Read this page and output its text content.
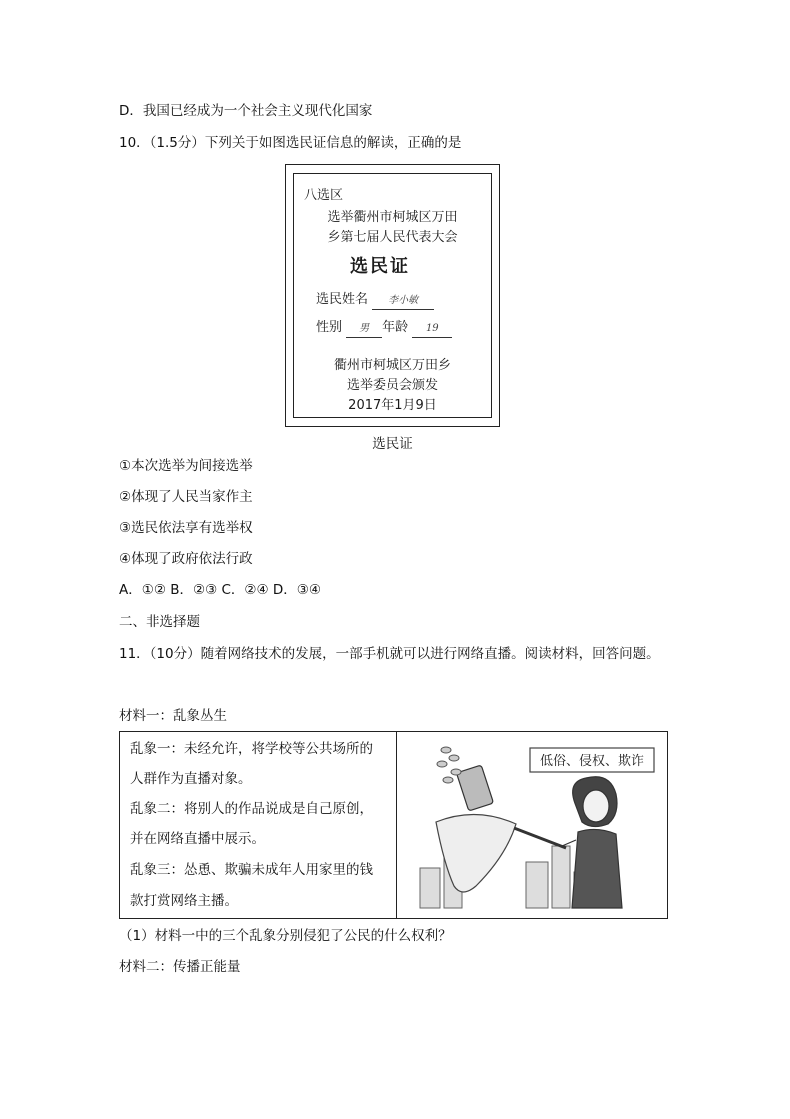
D．我国已经成为一个社会主义现代化国家
10．（1.5分）下列关于如图选民证信息的解读，正确的是
八选区
选举衢州市柯城区万田
乡第七届人民代表大会
选民证
选民姓名 李小敏
性别 男 年龄 19
衢州市柯城区万田乡
选举委员会颁发
2017年1月9日
选民证
①本次选举为间接选举
②体现了人民当家作主
③选民依法享有选举权
④体现了政府依法行政
A．①② B．②③ C．②④ D．③④
二、非选择题
11．（10分）随着网络技术的发展，一部手机就可以进行网络直播。阅读材料，回答问题。
材料一：乱象丛生
乱象一：未经允许，将学校等公共场所的
人群作为直播对象。
乱象二：将别人的作品说成是自己原创，
并在网络直播中展示。
乱象三：怂恿、欺骗未成年人用家里的钱
款打赏网络主播。
低俗、侵权、欺诈
（1）材料一中的三个乱象分别侵犯了公民的什么权利？
材料二：传播正能量
